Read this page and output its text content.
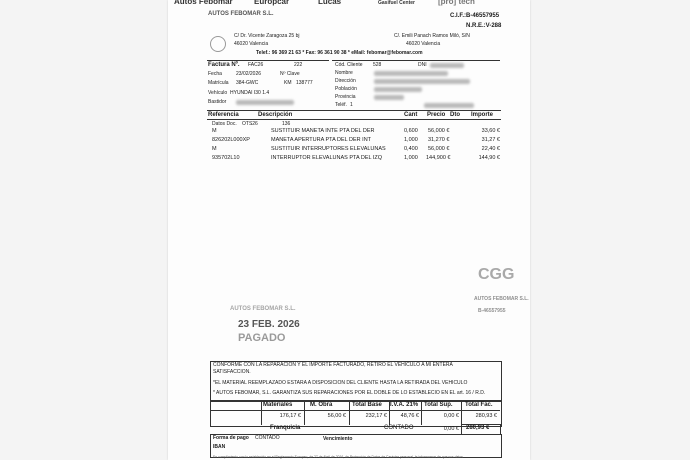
Autos Febomar	Europcar	Lucas	Gasifuel Center	[pro] tech
AUTOS FEBOMAR S.L.	C.I.F.:B-46557955
N.R.E.:V-288
C/ Dr. Vicente Zaragoza 25 bj
46020 Valencia
C/. Emili Panach Ramos Miló, S/N
46020 Valencia
Telef.: 96 369 21 63 * Fax: 96 361 90 38 * eMail: febomar@febomar.com
Factura Nº. FAC26	222
Fecha	23/02/2026	Nº Clave
Matrícula 384-GWC	KM 138777
Vehículo HYUNDAI I30 1.4
Bastidor
Cód. Cliente 528	DNI
Nombre
Dirección
Población
Provincia
Teléf. 1
Referencia	Descripción	Cant Precio Dto Importe
Datos Doc. OTS26	136
M	SUSTITUIR MANETA INTE PTA DEL DER	0,600 56,000 €	33,60 €
826202L000XP	MANETA APERTURA PTA DEL DER INT	1,000 31,270 €	31,27 €
M	SUSTITUIR INTERRUPTORES ELEVALUNAS	0,400 56,000 €	22,40 €
935702L10	INTERRUPTOR ELEVALUNAS PTA DEL IZQ	1,000 144,900 €	144,90 €
CGG
AUTOS FEBOMAR S.L.
B-46557955
AUTOS FEBOMAR S.L.
23 FEB. 2026
PAGADO
CONFORME CON LA REPARACION Y EL IMPORTE FACTURADO, RETIRO EL VEHICULO A MI ENTERA
SATISFACCION.
*EL MATERIAL REEMPLAZADO ESTARA A DISPOSICION DEL CLIENTE HASTA LA RETIRADA DEL VEHICULO
* AUTOS FEBOMAR, S.L. GARANTIZA SUS REPARACIONES POR EL DOBLE DE LO ESTABLECIO EN EL art. 16 / R.D.
Materiales	M. Obra	Total Base I.V.A. 21% Total Sup. Total Fac.
176,17 €	56,00 €	232,17 €	48,76 €	0,00 €	280,93 €
Franquicia	CONTADO	0,00 € 280,93 €
Forma de pago CONTADO	Vencimiento
IBAN
En cumplimiento con lo establecido en el Reglamento Europeo, de 27 de Abril de 2016, de Protección de Datos de Carácter personal, le informamos de que sus datos
